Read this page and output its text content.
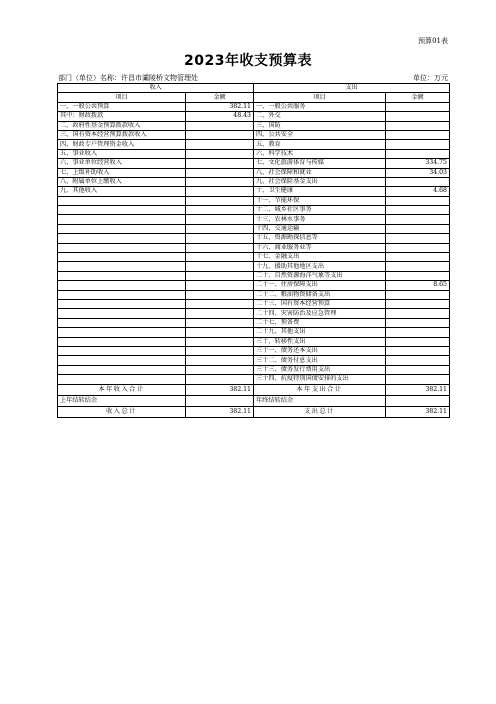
预算01表
2023年收支预算表
部门（单位）名称：许昌市灞陵桥文物管理处	单位：万元
收入		支出	
项目	金额	项目	金额
一、一般公共预算	382.11	一、一般公共服务	
其中：财政拨款	48.43	二、外交	
二、政府性基金预算拨款收入		三、国防	
三、国有资本经营预算拨款收入		四、公共安全	
四、财政专户管理资金收入		五、教育	
五、事业收入		六、科学技术	
六、事业单位经营收入		七、文化旅游体育与传媒	334.75
七、上级补助收入		八、社会保障和就业	34.03
八、附属单位上缴收入		九、社会保险基金支出	
九、其他收入		十、卫生健康	4.68
		十一、节能环保	
		十二、城乡社区事务	
		十三、农林水事务	
		十四、交通运输	
		十五、资源勘探信息等	
		十六、商业服务业等	
		十七、金融支出	
		十九、援助其他地区支出	
		二十、自然资源海洋气象等支出	
		二十一、住房保障支出	8.65
		二十二、粮油物资储备支出	
		二十三、国有资本经营预算	
		二十四、灾害防治及应急管理	
		二十七、预备费	
		二十九、其他支出	
		三十、转移性支出	
		三十一、债务还本支出	
		三十二、债务付息支出	
		三十三、债务发行费用支出	
		三十四、抗疫特别国债安排的支出	
本年收入合计	382.11	本年支出合计	382.11
上年结转结余		年终结转结余	
收入总计	382.11	支出总计	382.11
